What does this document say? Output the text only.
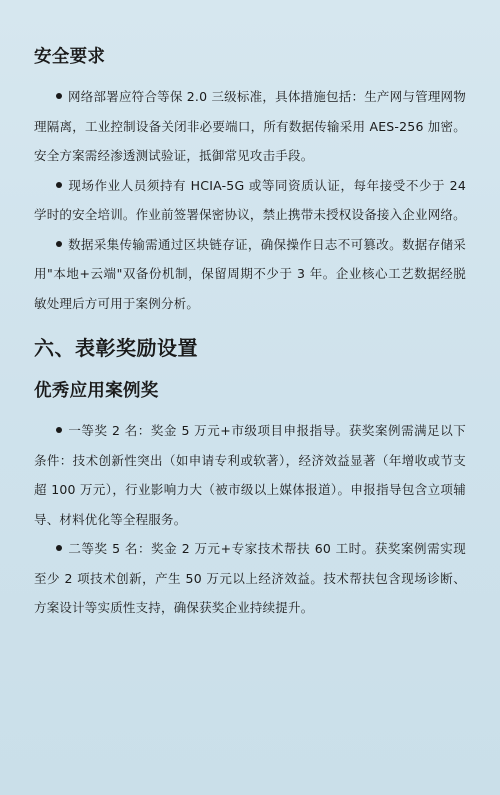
安全要求

网络部署应符合等保 2.0 三级标准，具体措施包括：生产网与管理网物理隔离，工业控制设备关闭非必要端口，所有数据传输采用 AES-256 加密。安全方案需经渗透测试验证，抵御常见攻击手段。

现场作业人员须持有 HCIA-5G 或等同资质认证，每年接受不少于 24 学时的安全培训。作业前签署保密协议，禁止携带未授权设备接入企业网络。

数据采集传输需通过区块链存证，确保操作日志不可篡改。数据存储采用"本地+云端"双备份机制，保留周期不少于 3 年。企业核心工艺数据经脱敏处理后方可用于案例分析。

六、表彰奖励设置
优秀应用案例奖

一等奖 2 名：奖金 5 万元+市级项目申报指导。获奖案例需满足以下条件：技术创新性突出（如申请专利或软著），经济效益显著（年增收或节支超 100 万元），行业影响力大（被市级以上媒体报道）。申报指导包含立项辅导、材料优化等全程服务。

二等奖 5 名：奖金 2 万元+专家技术帮扶 60 工时。获奖案例需实现至少 2 项技术创新，产生 50 万元以上经济效益。技术帮扶包含现场诊断、方案设计等实质性支持，确保获奖企业持续提升。
